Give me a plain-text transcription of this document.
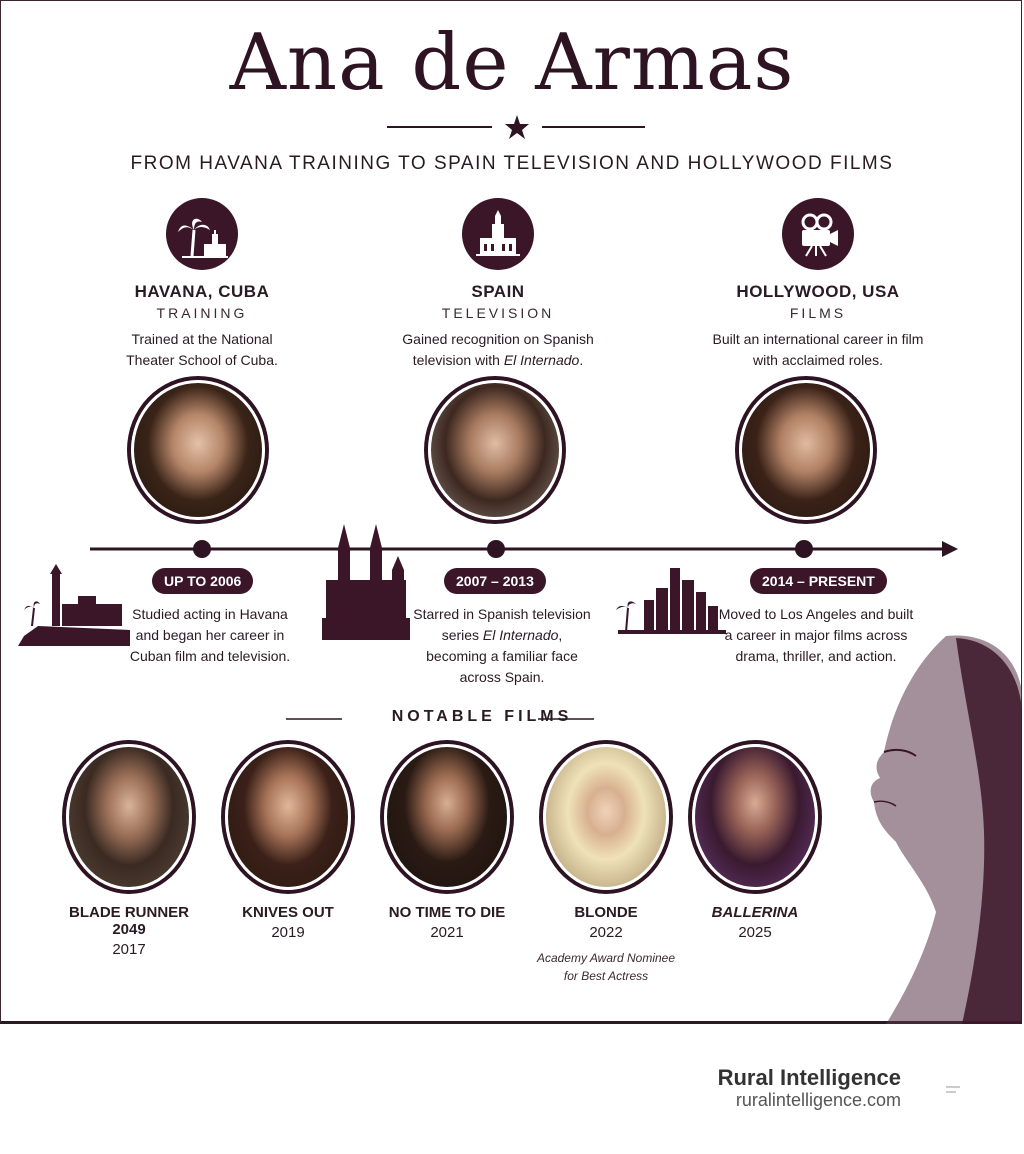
Ana de Armas
FROM HAVANA TRAINING TO SPAIN TELEVISION AND HOLLYWOOD FILMS
HAVANA, CUBA
TRAINING
Trained at the National
Theater School of Cuba.
SPAIN
TELEVISION
Gained recognition on Spanish
television with El Internado.
HOLLYWOOD, USA
FILMS
Built an international career in film
with acclaimed roles.
UP TO 2006	2007 – 2013	2014 – PRESENT
Studied acting in Havana
and began her career in
Cuban film and television.
Starred in Spanish television
series El Internado,
becoming a familiar face
across Spain.
Moved to Los Angeles and built
a career in major films across
drama, thriller, and action.
NOTABLE FILMS
BLADE RUNNER 2049
2017
KNIVES OUT
2019
NO TIME TO DIE
2021
BLONDE
2022
Academy Award Nominee
for Best Actress
BALLERINA
2025
Rural Intelligence
ruralintelligence.com
